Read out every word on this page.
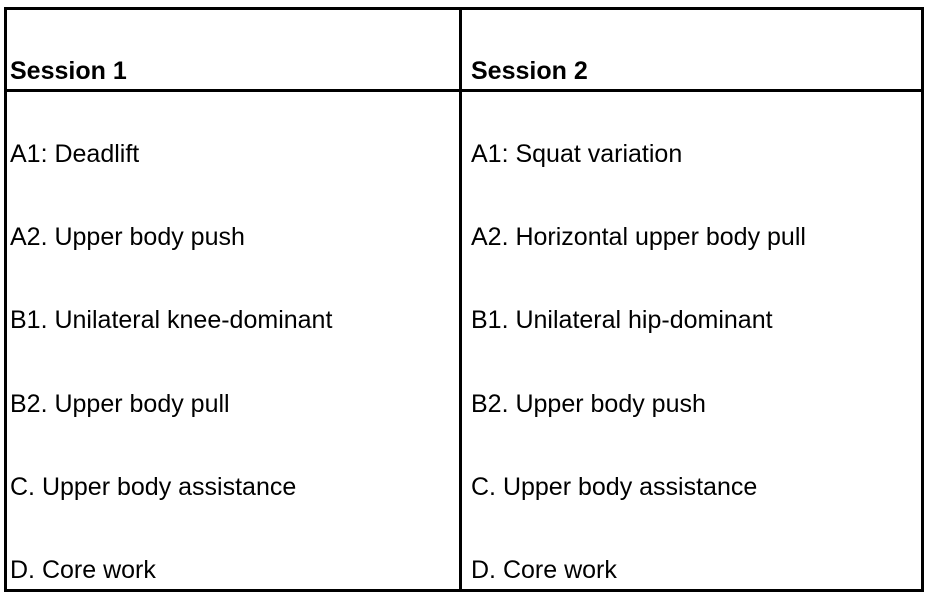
Session 1	Session 2
A1: Deadlift	A1: Squat variation
A2. Upper body push	A2. Horizontal upper body pull
B1. Unilateral knee-dominant	B1. Unilateral hip-dominant
B2. Upper body pull	B2. Upper body push
C. Upper body assistance	C. Upper body assistance
D. Core work	D. Core work
